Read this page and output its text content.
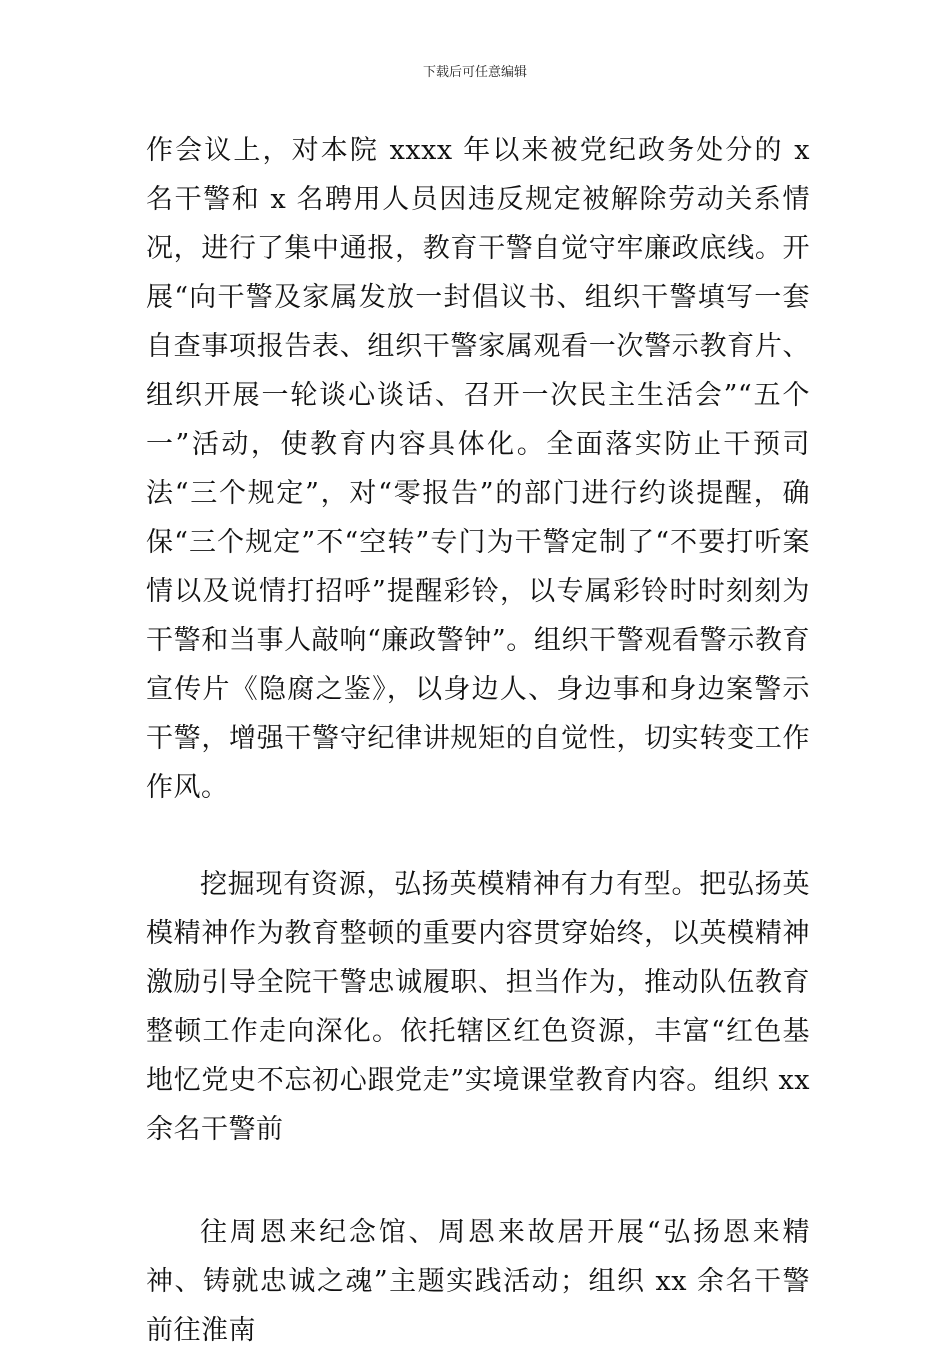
下载后可任意编辑

作会议上，对本院 xxxx 年以来被党纪政务处分的 x 名干警和 x 名聘用人员因违反规定被解除劳动关系情况，进行了集中通报，教育干警自觉守牢廉政底线。开展“向干警及家属发放一封倡议书、组织干警填写一套自查事项报告表、组织干警家属观看一次警示教育片、组织开展一轮谈心谈话、召开一次民主生活会”“五个一”活动，使教育内容具体化。全面落实防止干预司法“三个规定”，对“零报告”的部门进行约谈提醒，确保“三个规定”不“空转”专门为干警定制了“不要打听案情以及说情打招呼”提醒彩铃，以专属彩铃时时刻刻为干警和当事人敲响“廉政警钟”。组织干警观看警示教育宣传片《隐腐之鉴》，以身边人、身边事和身边案警示干警，增强干警守纪律讲规矩的自觉性，切实转变工作作风。

挖掘现有资源，弘扬英模精神有力有型。把弘扬英模精神作为教育整顿的重要内容贯穿始终，以英模精神激励引导全院干警忠诚履职、担当作为，推动队伍教育整顿工作走向深化。依托辖区红色资源，丰富“红色基地忆党史不忘初心跟党走”实境课堂教育内容。组织 xx 余名干警前

往周恩来纪念馆、周恩来故居开展“弘扬恩来精神、铸就忠诚之魂”主题实践活动；组织 xx 余名干警前往淮南
